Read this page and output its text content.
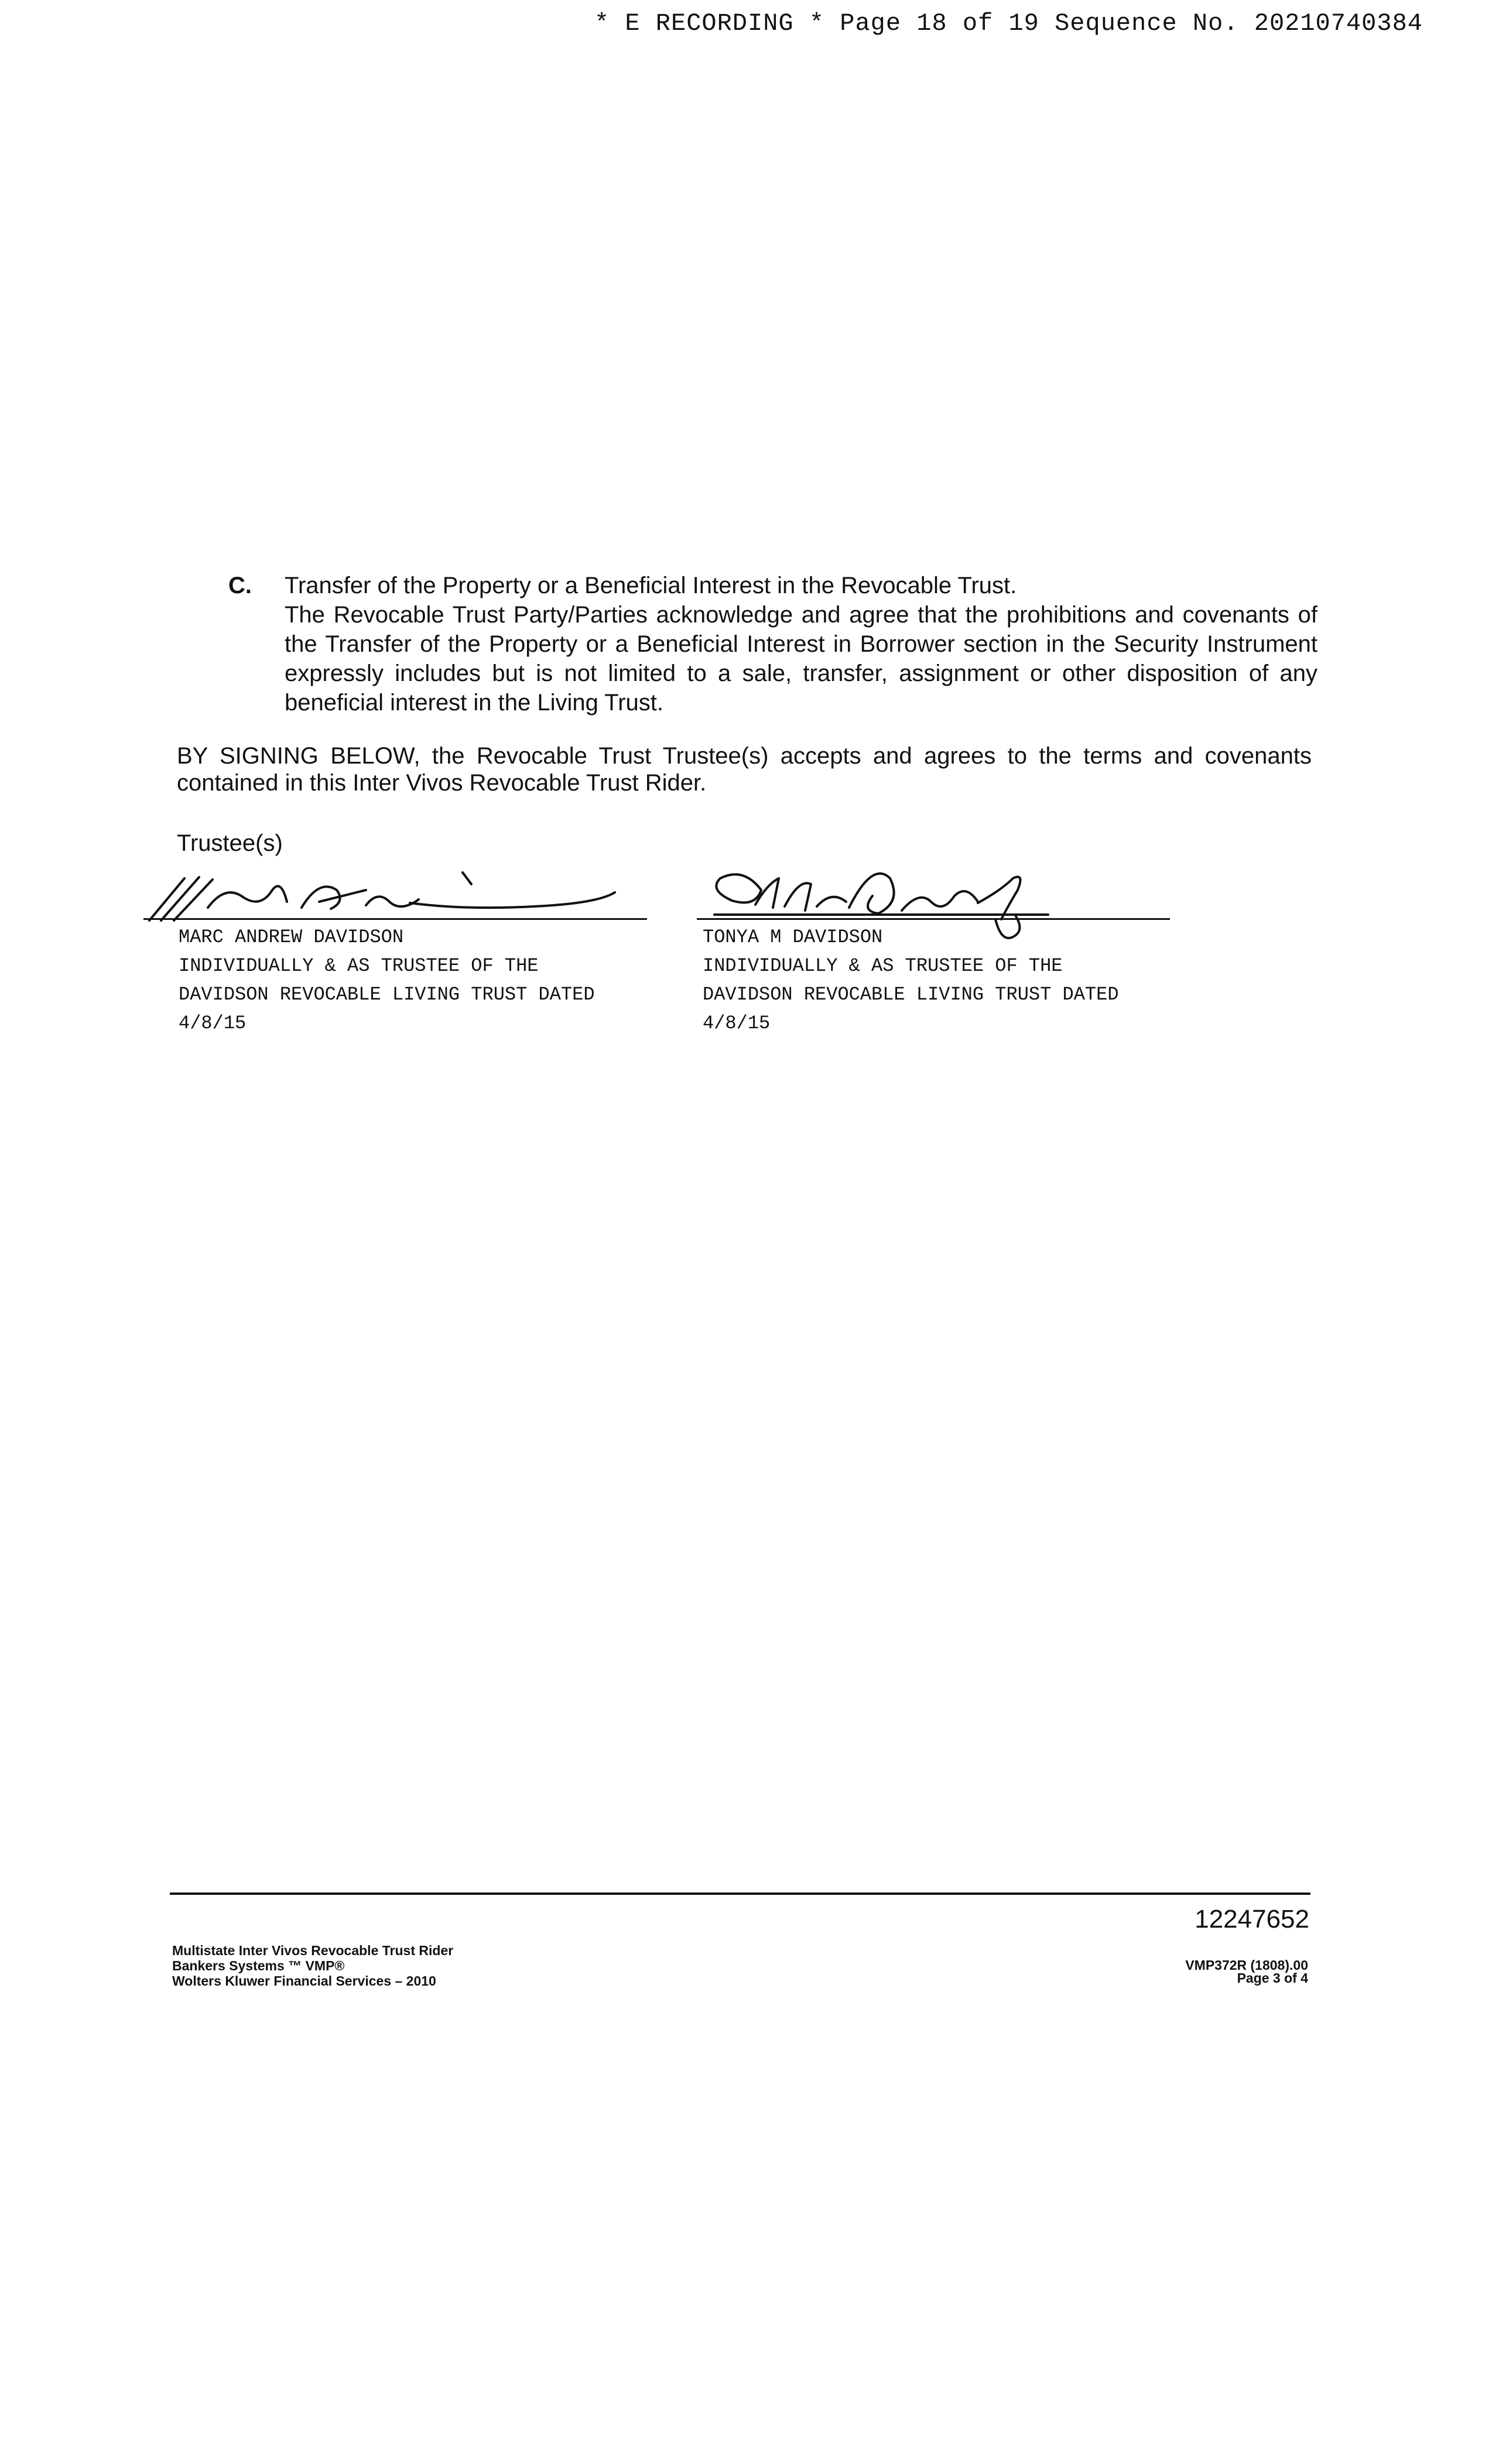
* E RECORDING * Page 18 of 19 Sequence No. 20210740384
C. Transfer of the Property or a Beneficial Interest in the Revocable Trust.
The Revocable Trust Party/Parties acknowledge and agree that the prohibitions and covenants of the Transfer of the Property or a Beneficial Interest in Borrower section in the Security Instrument expressly includes but is not limited to a sale, transfer, assignment or other disposition of any beneficial interest in the Living Trust.
BY SIGNING BELOW, the Revocable Trust Trustee(s) accepts and agrees to the terms and covenants contained in this Inter Vivos Revocable Trust Rider.
Trustee(s)
MARC ANDREW DAVIDSON
INDIVIDUALLY & AS TRUSTEE OF THE
DAVIDSON REVOCABLE LIVING TRUST DATED
4/8/15
TONYA M DAVIDSON
INDIVIDUALLY & AS TRUSTEE OF THE
DAVIDSON REVOCABLE LIVING TRUST DATED
4/8/15
12247652
Multistate Inter Vivos Revocable Trust Rider
Bankers Systems ™ VMP®
Wolters Kluwer Financial Services – 2010
VMP372R (1808).00
Page 3 of 4
